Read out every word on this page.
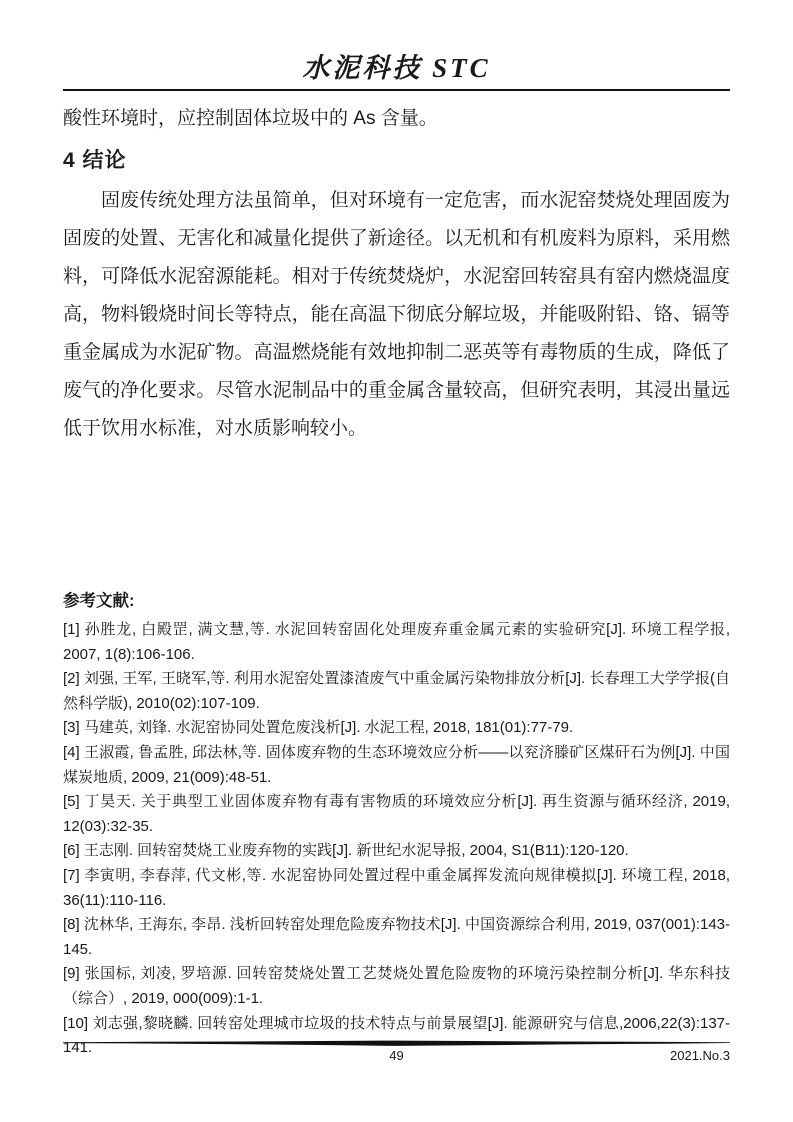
水泥科技 STC
酸性环境时，应控制固体垃圾中的 As 含量。
4 结论
固废传统处理方法虽简单，但对环境有一定危害，而水泥窑焚烧处理固废为
固废的处置、无害化和减量化提供了新途径。以无机和有机废料为原料，采用燃
料，可降低水泥窑源能耗。相对于传统焚烧炉，水泥窑回转窑具有窑内燃烧温度
高，物料锻烧时间长等特点，能在高温下彻底分解垃圾，并能吸附铅、铬、镉等
重金属成为水泥矿物。高温燃烧能有效地抑制二恶英等有毒物质的生成，降低了
废气的净化要求。尽管水泥制品中的重金属含量较高，但研究表明，其浸出量远
低于饮用水标准，对水质影响较小。
参考文献:

[1] 孙胜龙, 白殿罡, 满文慧,等. 水泥回转窑固化处理废弃重金属元素的实验研究[J]. 环境工程学报, 2007, 1(8):106-106.

[2] 刘强, 王军, 王晓军,等. 利用水泥窑处置漆渣废气中重金属污染物排放分析[J]. 长春理工大学学报(自然科学版), 2010(02):107-109.

[3] 马建英, 刘锋. 水泥窑协同处置危废浅析[J]. 水泥工程, 2018, 181(01):77-79.

[4] 王淑霞, 鲁孟胜, 邱法林,等. 固体废弃物的生态环境效应分析——以兖济滕矿区煤矸石为例[J]. 中国煤炭地质, 2009, 21(009):48-51.

[5] 丁昊天. 关于典型工业固体废弃物有毒有害物质的环境效应分析[J]. 再生资源与循环经济, 2019, 12(03):32-35.

[6] 王志刚. 回转窑焚烧工业废弃物的实践[J]. 新世纪水泥导报, 2004, S1(B11):120-120.

[7] 李寅明, 李春萍, 代文彬,等. 水泥窑协同处置过程中重金属挥发流向规律模拟[J]. 环境工程, 2018, 36(11):110-116.

[8] 沈林华, 王海东, 李昂. 浅析回转窑处理危险废弃物技术[J]. 中国资源综合利用, 2019, 037(001):143-145.

[9] 张国标, 刘凌, 罗培源. 回转窑焚烧处置工艺焚烧处置危险废物的环境污染控制分析[J]. 华东科技（综合）, 2019, 000(009):1-1.

[10] 刘志强,黎晓麟. 回转窑处理城市垃圾的技术特点与前景展望[J]. 能源研究与信息,2006,22(3):137-141.	49	2021.No.3
